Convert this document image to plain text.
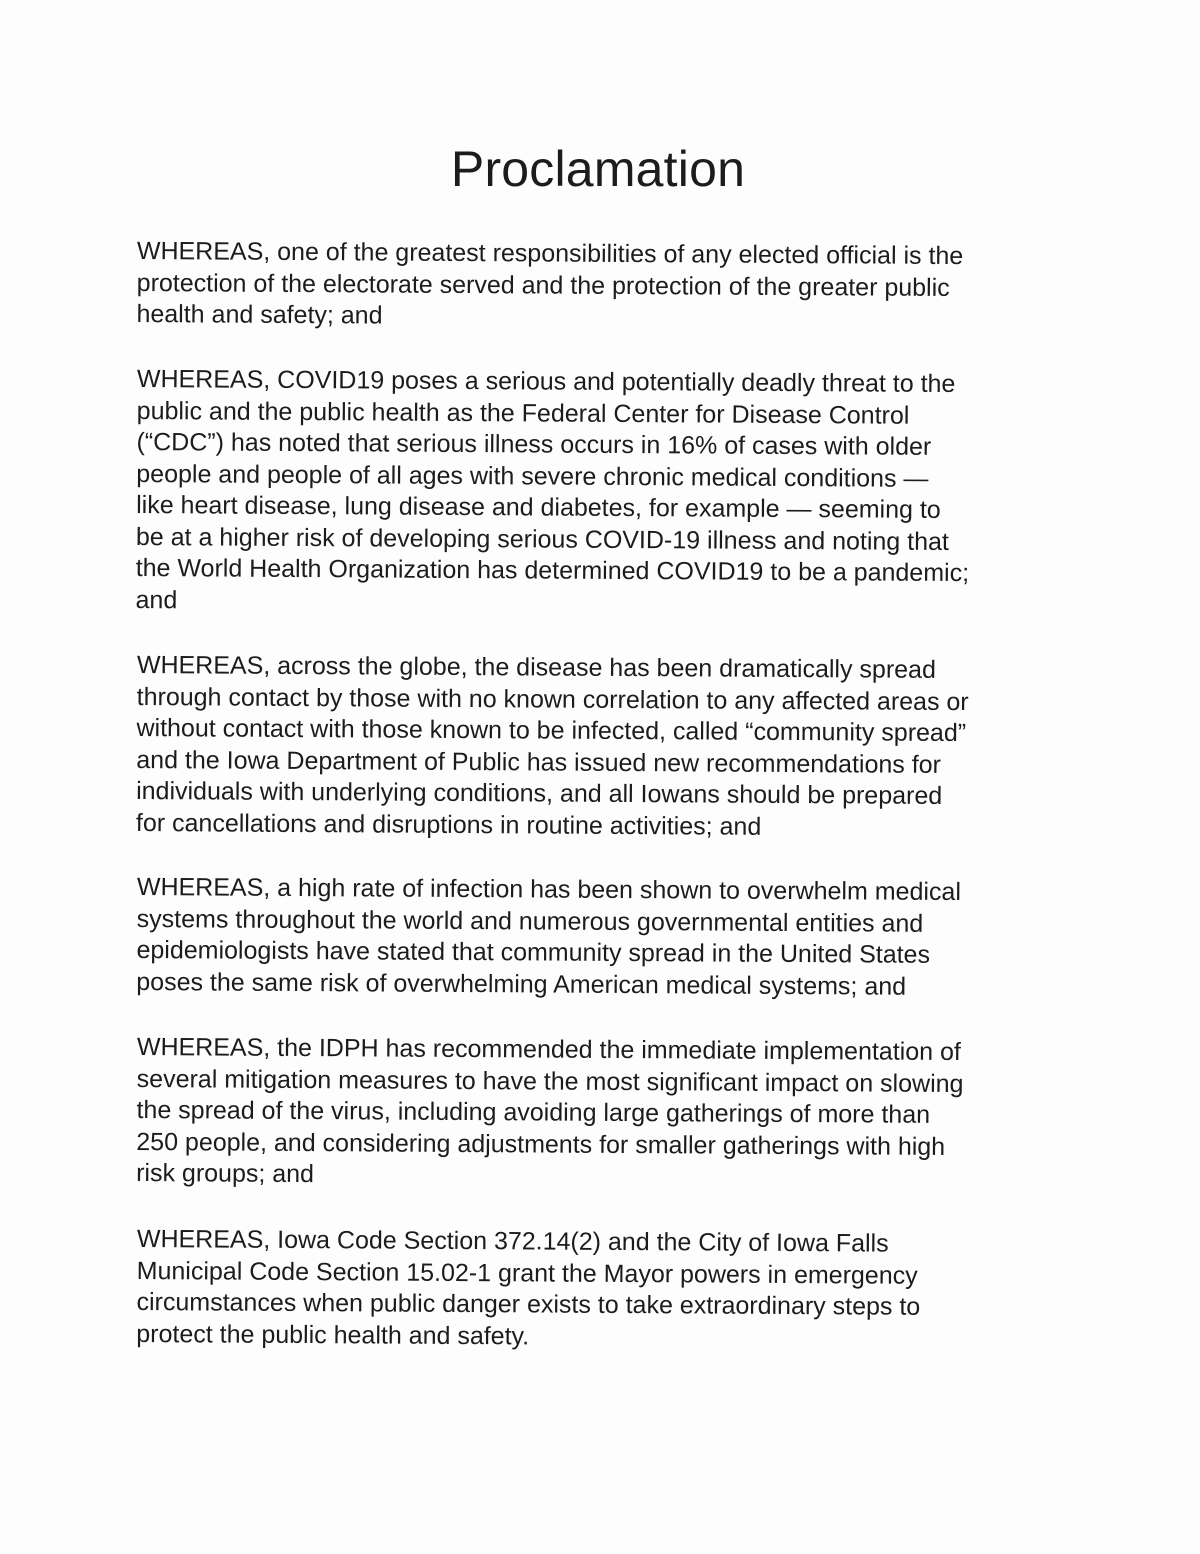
Proclamation
WHEREAS, one of the greatest responsibilities of any elected official is the
protection of the electorate served and the protection of the greater public
health and safety; and
WHEREAS, COVID19 poses a serious and potentially deadly threat to the
public and the public health as the Federal Center for Disease Control
(“CDC”) has noted that serious illness occurs in 16% of cases with older
people and people of all ages with severe chronic medical conditions —
like heart disease, lung disease and diabetes, for example — seeming to
be at a higher risk of developing serious COVID-19 illness and noting that
the World Health Organization has determined COVID19 to be a pandemic;
and
WHEREAS, across the globe, the disease has been dramatically spread
through contact by those with no known correlation to any affected areas or
without contact with those known to be infected, called “community spread”
and the Iowa Department of Public has issued new recommendations for
individuals with underlying conditions, and all Iowans should be prepared
for cancellations and disruptions in routine activities; and
WHEREAS, a high rate of infection has been shown to overwhelm medical
systems throughout the world and numerous governmental entities and
epidemiologists have stated that community spread in the United States
poses the same risk of overwhelming American medical systems; and
WHEREAS, the IDPH has recommended the immediate implementation of
several mitigation measures to have the most significant impact on slowing
the spread of the virus, including avoiding large gatherings of more than
250 people, and considering adjustments for smaller gatherings with high
risk groups; and
WHEREAS, Iowa Code Section 372.14(2) and the City of Iowa Falls
Municipal Code Section 15.02-1 grant the Mayor powers in emergency
circumstances when public danger exists to take extraordinary steps to
protect the public health and safety.
